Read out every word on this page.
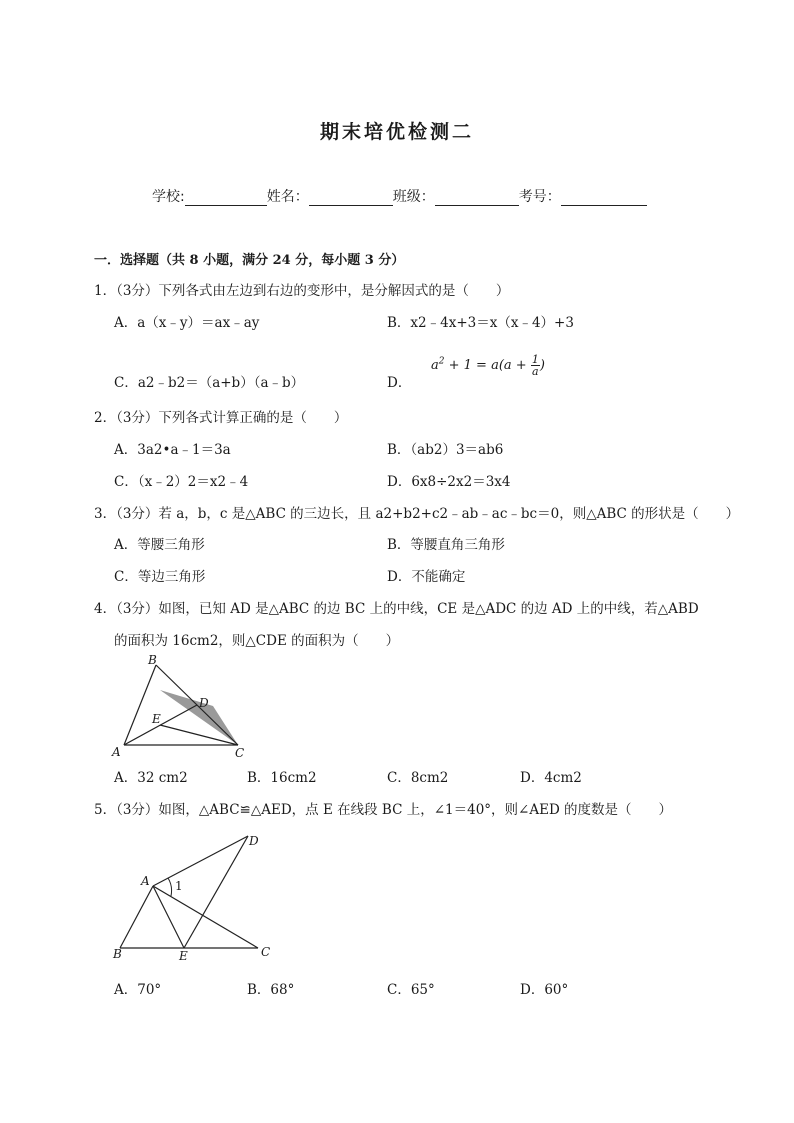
期末培优检测二
学校:	姓名：	班级：	考号：
一．选择题（共 8 小题，满分 24 分，每小题 3 分）
1．（3分）下列各式由左边到右边的变形中，是分解因式的是（　　）
A．a（x﹣y）＝ax﹣ay	B．x2﹣4x+3＝x（x﹣4）+3
C．a2﹣b2＝（a+b）（a﹣b）	D．
$a^2 + 1 = a(a + \frac{1}{a}$ )
2．（3分）下列各式计算正确的是（　　）
A．3a2•a﹣1＝3a	B．（ab2）3＝ab6
C．（x﹣2）2＝x2﹣4	D．6x8÷2x2＝3x4
3．（3分）若 a，b，c 是△ABC 的三边长，且 a2+b2+c2﹣ab﹣ac﹣bc＝0，则△ABC 的形状是（　　）
A．等腰三角形	B．等腰直角三角形
C．等边三角形	D．不能确定
4．（3分）如图，已知 AD 是△ABC 的边 BC 上的中线，CE 是△ADC 的边 AD 上的中线，若△ABD
的面积为 16cm2，则△CDE 的面积为（　　）
B
D
E
A	C
A．32 cm2	B．16cm2	C．8cm2	D．4cm2
5．（3分）如图，△ABC≌△AED，点 E 在线段 BC 上，∠1＝40°，则∠AED 的度数是（　　）
A 1
D
B	E	C
A．70°	B．68°	C．65°	D．60°
